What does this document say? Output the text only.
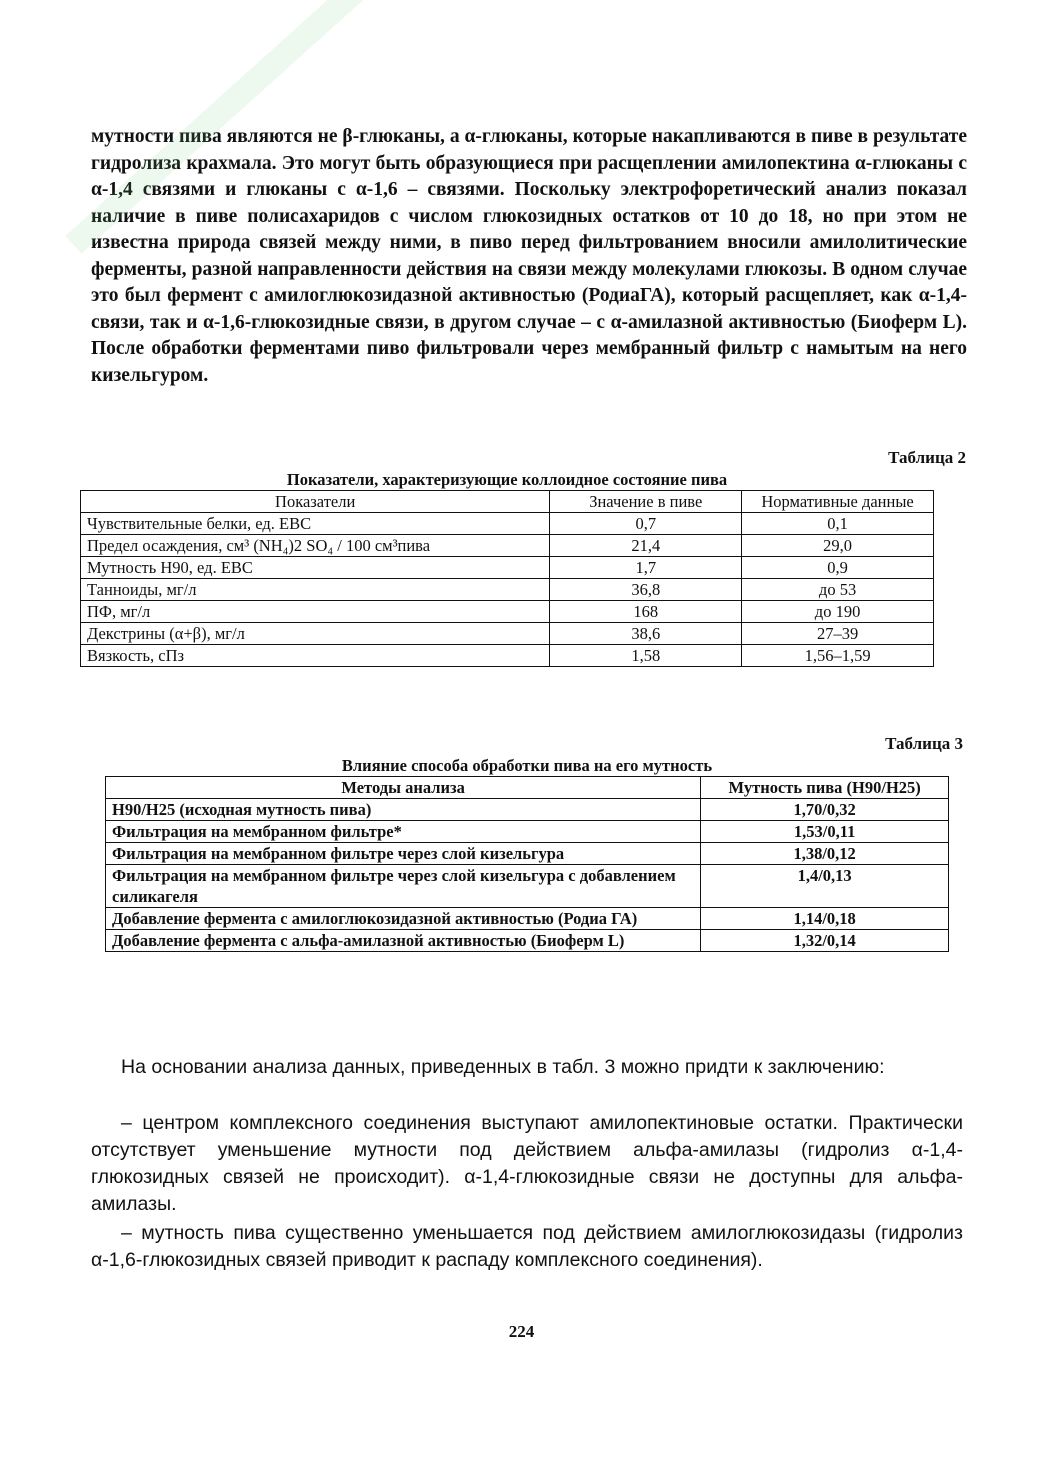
мутности пива являются не β-глюканы, а α-глюканы, которые накапливаются в пиве в результате гидролиза крахмала. Это могут быть образующиеся при расщеплении амилопектина α-глюканы с α-1,4 связями и глюканы с α-1,6 – связями. Поскольку электрофоретический анализ показал наличие в пиве полисахаридов с числом глюкозидных остатков от 10 до 18, но при этом не известна природа связей между ними, в пиво перед фильтрованием вносили амилолитические ферменты, разной направленности действия на связи между молекулами глюкозы. В одном случае это был фермент с амилоглюкозидазной активностью (РодиаГА), который расщепляет, как α-1,4-связи, так и α-1,6-глюкозидные связи, в другом случае – с α-амилазной активностью (Биоферм L). После обработки ферментами пиво фильтровали через мембранный фильтр с намытым на него кизельгуром.

Таблица 2
Показатели, характеризующие коллоидное состояние пива
Показатели	Значение в пиве	Нормативные данные
Чувствительные белки, ед. EBC	0,7	0,1
Предел осаждения, см³ (NH₄)2 SO₄ / 100 см³пива	21,4	29,0
Мутность Н90, ед. EBC	1,7	0,9
Танноиды, мг/л	36,8	до 53
ПФ, мг/л	168	до 190
Декстрины (α+β), мг/л	38,6	27–39
Вязкость, сПз	1,58	1,56–1,59
Таблица 3
Влияние способа обработки пива на его мутность
Методы анализа	Мутность пива (Н90/Н25)
Н90/Н25 (исходная мутность пива)	1,70/0,32
Фильтрация на мембранном фильтре*	1,53/0,11
Фильтрация на мембранном фильтре через слой кизельгура	1,38/0,12
Фильтрация на мембранном фильтре через слой кизельгура с добавлением силикагеля	1,4/0,13
Добавление фермента с амилоглюкозидазной активностью (Родиа ГА)	1,14/0,18
Добавление фермента с альфа-амилазной активностью (Биоферм L)	1,32/0,14

На основании анализа данных, приведенных в табл. 3 можно придти к заключению:

– центром комплексного соединения выступают амилопектиновые остатки. Практически отсутствует уменьшение мутности под действием альфа-амилазы (гидролиз α-1,4-глюкозидных связей не происходит). α-1,4-глюкозидные связи не доступны для альфа-амилазы.

– мутность пива существенно уменьшается под действием амилоглюкозидазы (гидролиз α-1,6-глюкозидных связей приводит к распаду комплексного соединения).

224
